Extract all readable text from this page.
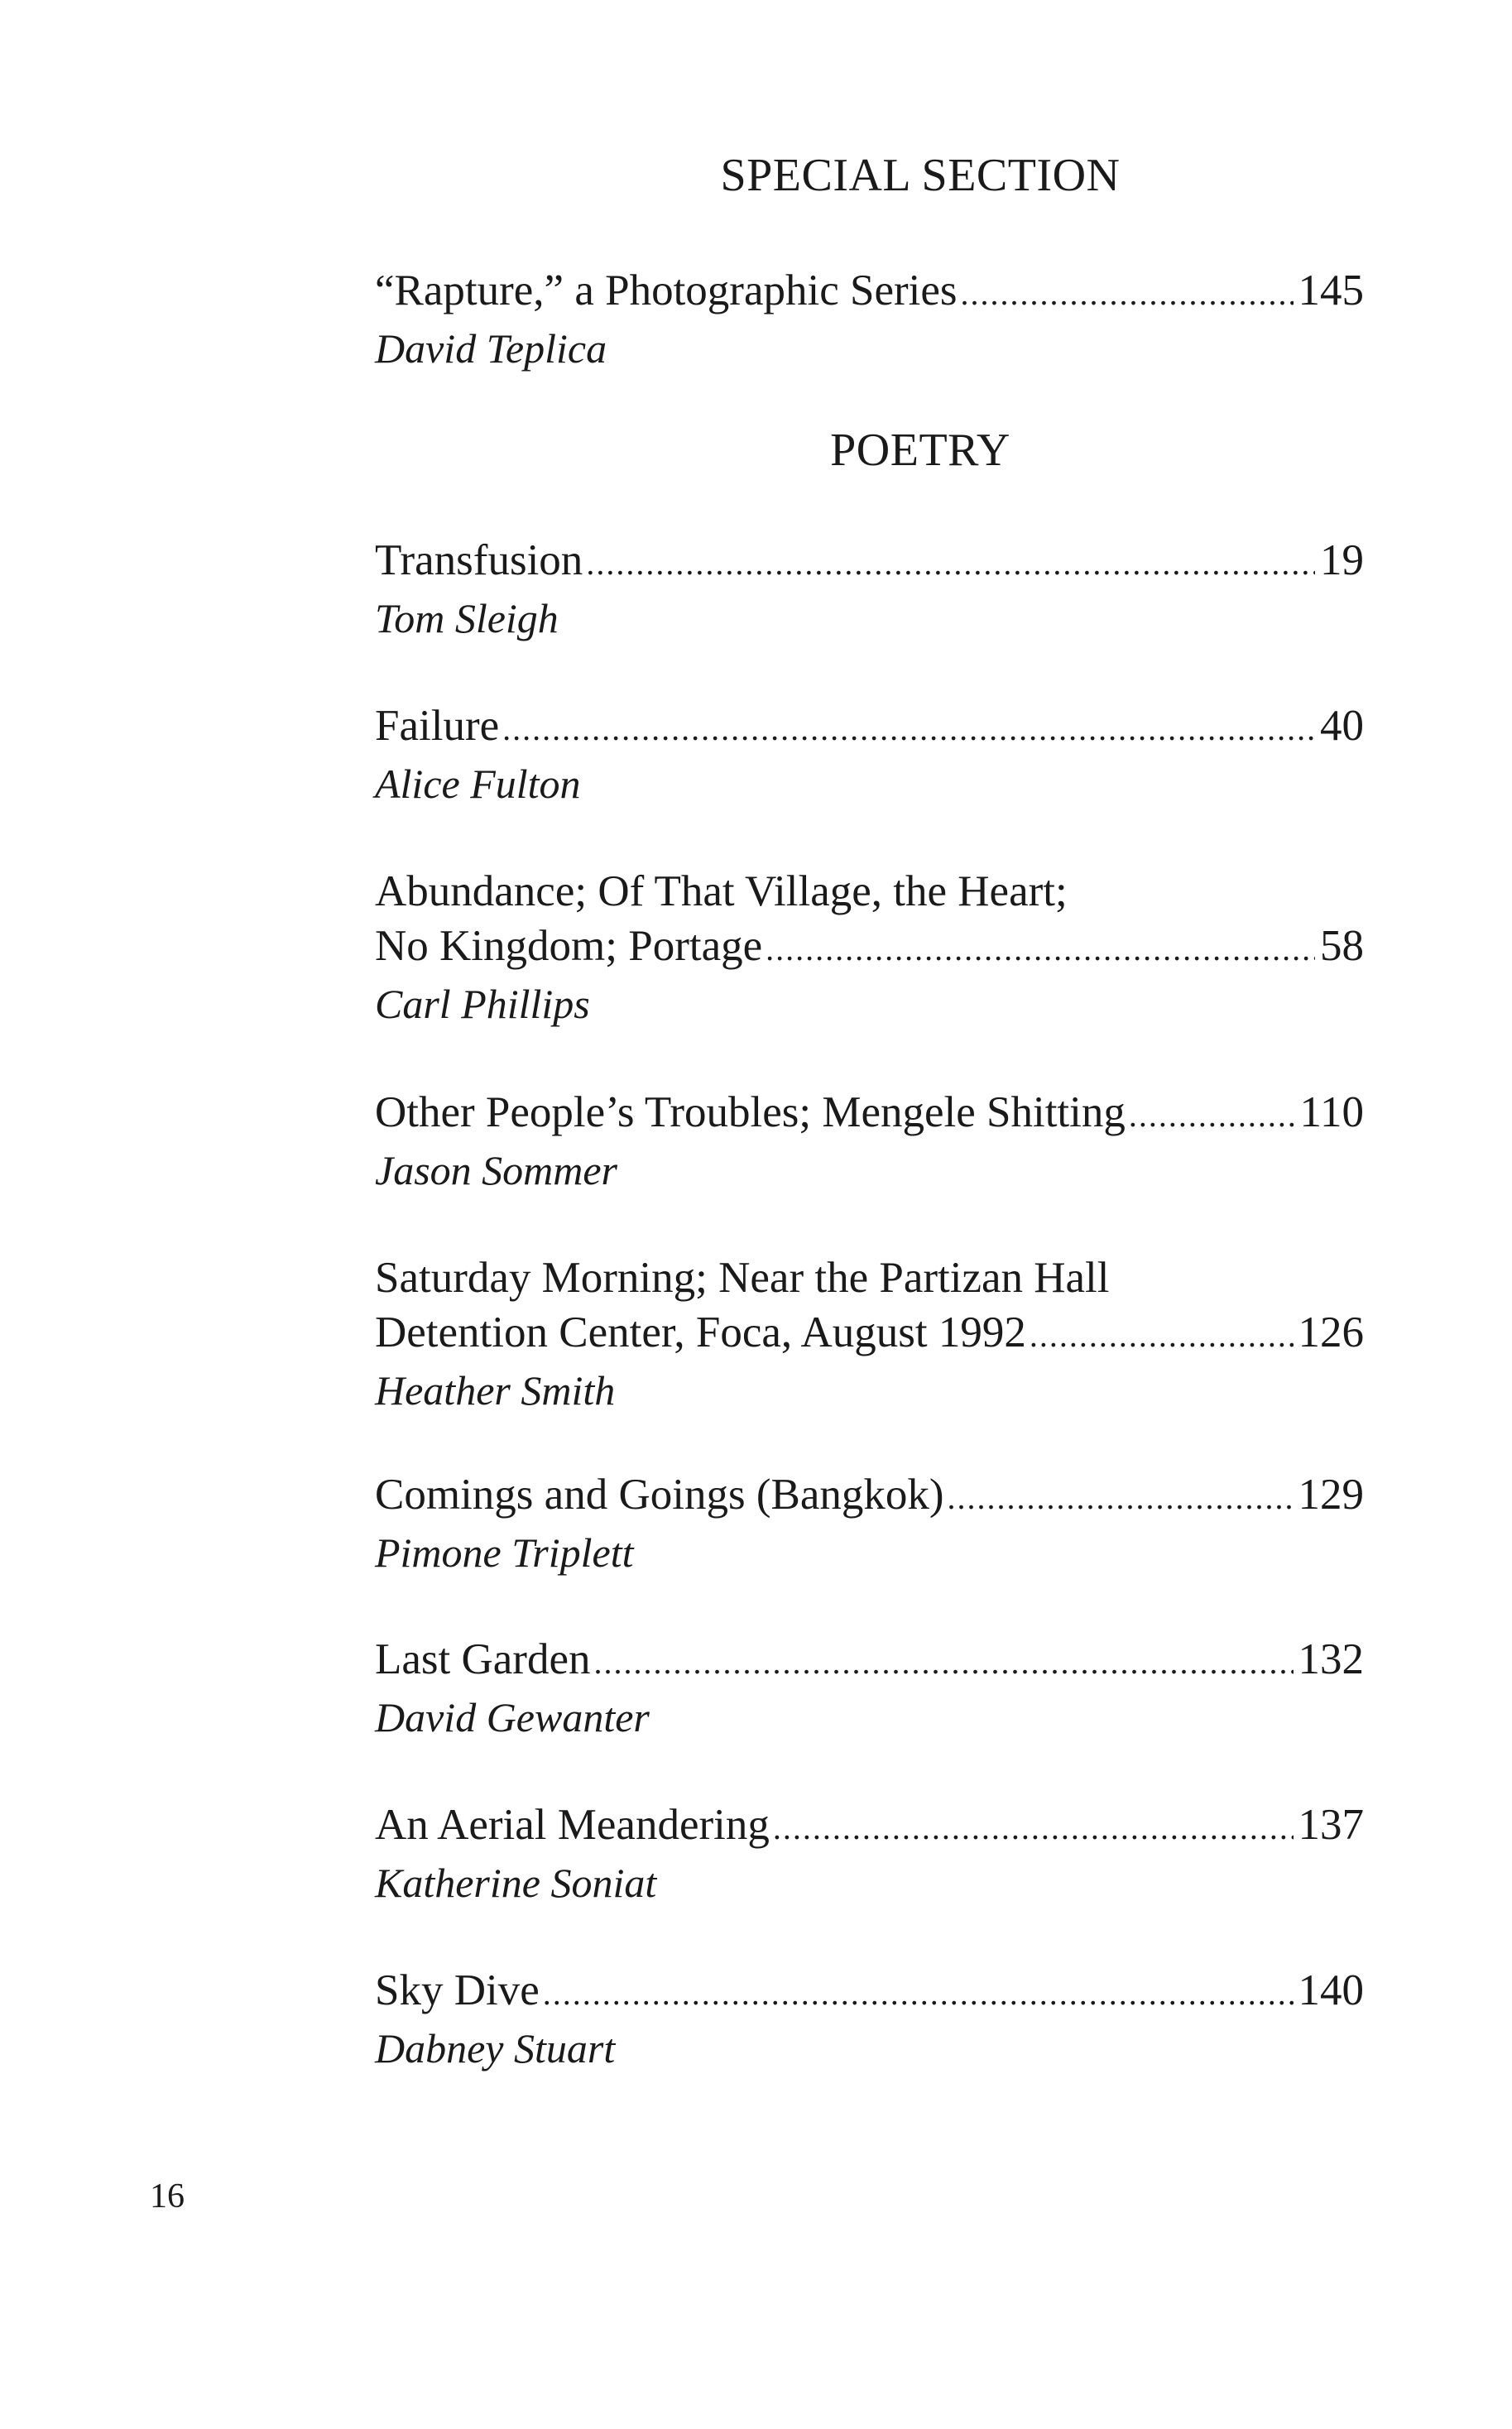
SPECIAL SECTION
“Rapture,” a Photographic Series .....	145
David Teplica
POETRY
Transfusion .....	19
Tom Sleigh
Failure .....	40
Alice Fulton
Abundance; Of That Village, the Heart;
No Kingdom; Portage .....	58
Carl Phillips
Other People’s Troubles; Mengele Shitting .....	110
Jason Sommer
Saturday Morning; Near the Partizan Hall
Detention Center, Foca, August 1992 .....	126
Heather Smith
Comings and Goings (Bangkok) .....	129
Pimone Triplett
Last Garden .....	132
David Gewanter
An Aerial Meandering .....	137
Katherine Soniat
Sky Dive .....	140
Dabney Stuart
16
